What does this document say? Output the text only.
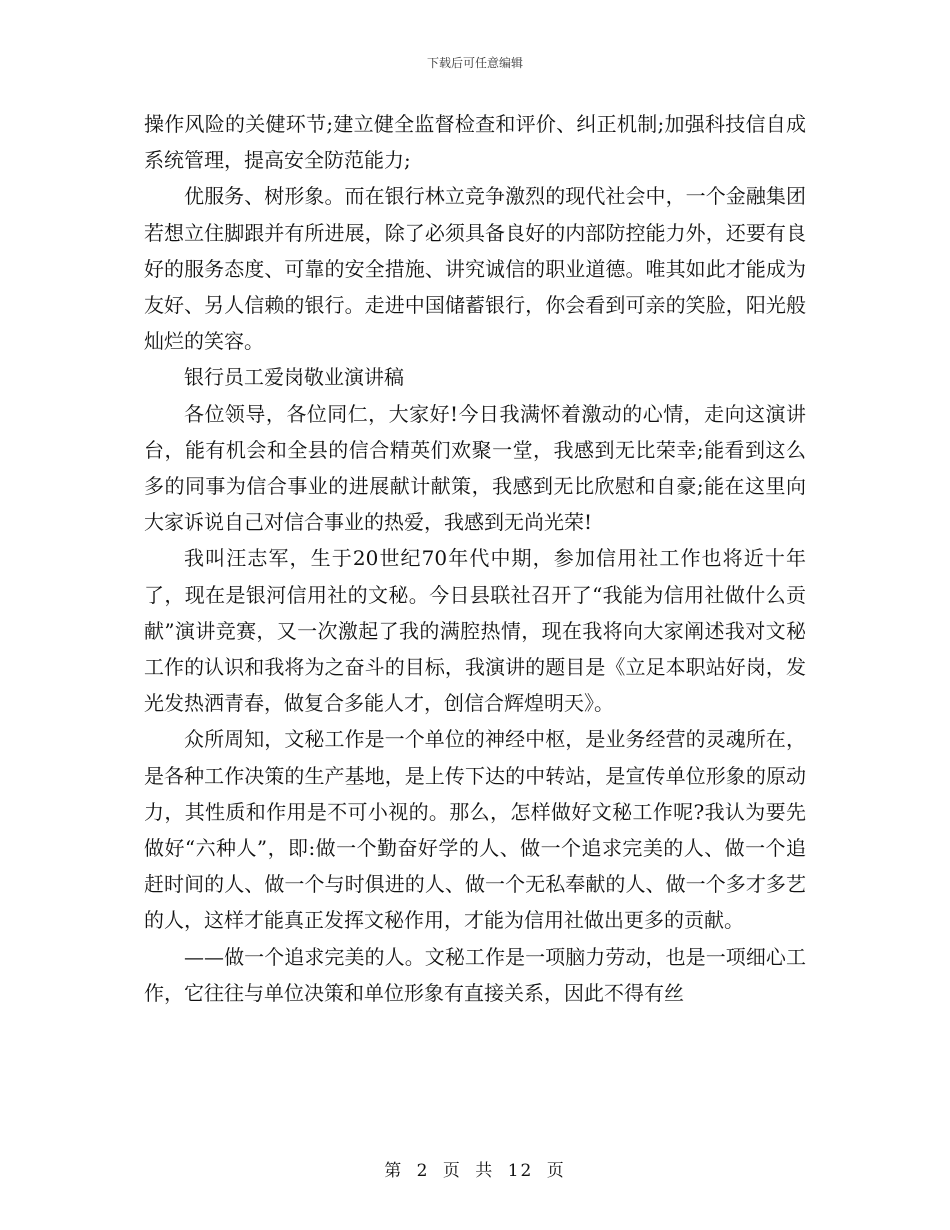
下载后可任意编辑

操作风险的关健环节;建立健全监督检查和评价、纠正机制;加强科技信自成系统管理，提高安全防范能力;

优服务、树形象。而在银行林立竞争激烈的现代社会中，一个金融集团若想立住脚跟并有所进展，除了必须具备良好的内部防控能力外，还要有良好的服务态度、可靠的安全措施、讲究诚信的职业道德。唯其如此才能成为友好、另人信赖的银行。走进中国储蓄银行，你会看到可亲的笑脸，阳光般灿烂的笑容。

银行员工爱岗敬业演讲稿

各位领导，各位同仁，大家好!今日我满怀着激动的心情，走向这演讲台，能有机会和全县的信合精英们欢聚一堂，我感到无比荣幸;能看到这么多的同事为信合事业的进展献计献策，我感到无比欣慰和自豪;能在这里向大家诉说自己对信合事业的热爱，我感到无尚光荣!

我叫汪志军，生于20世纪70年代中期，参加信用社工作也将近十年了，现在是银河信用社的文秘。今日县联社召开了“我能为信用社做什么贡献”演讲竞赛，又一次激起了我的满腔热情，现在我将向大家阐述我对文秘工作的认识和我将为之奋斗的目标，我演讲的题目是《立足本职站好岗，发光发热洒青春，做复合多能人才，创信合辉煌明天》。

众所周知，文秘工作是一个单位的神经中枢，是业务经营的灵魂所在，是各种工作决策的生产基地，是上传下达的中转站，是宣传单位形象的原动力，其性质和作用是不可小视的。那么，怎样做好文秘工作呢?我认为要先做好“六种人”，即:做一个勤奋好学的人、做一个追求完美的人、做一个追赶时间的人、做一个与时俱进的人、做一个无私奉献的人、做一个多才多艺的人，这样才能真正发挥文秘作用，才能为信用社做出更多的贡献。

——做一个追求完美的人。文秘工作是一项脑力劳动，也是一项细心工作，它往往与单位决策和单位形象有直接关系，因此不得有丝

第 2 页 共 12 页
